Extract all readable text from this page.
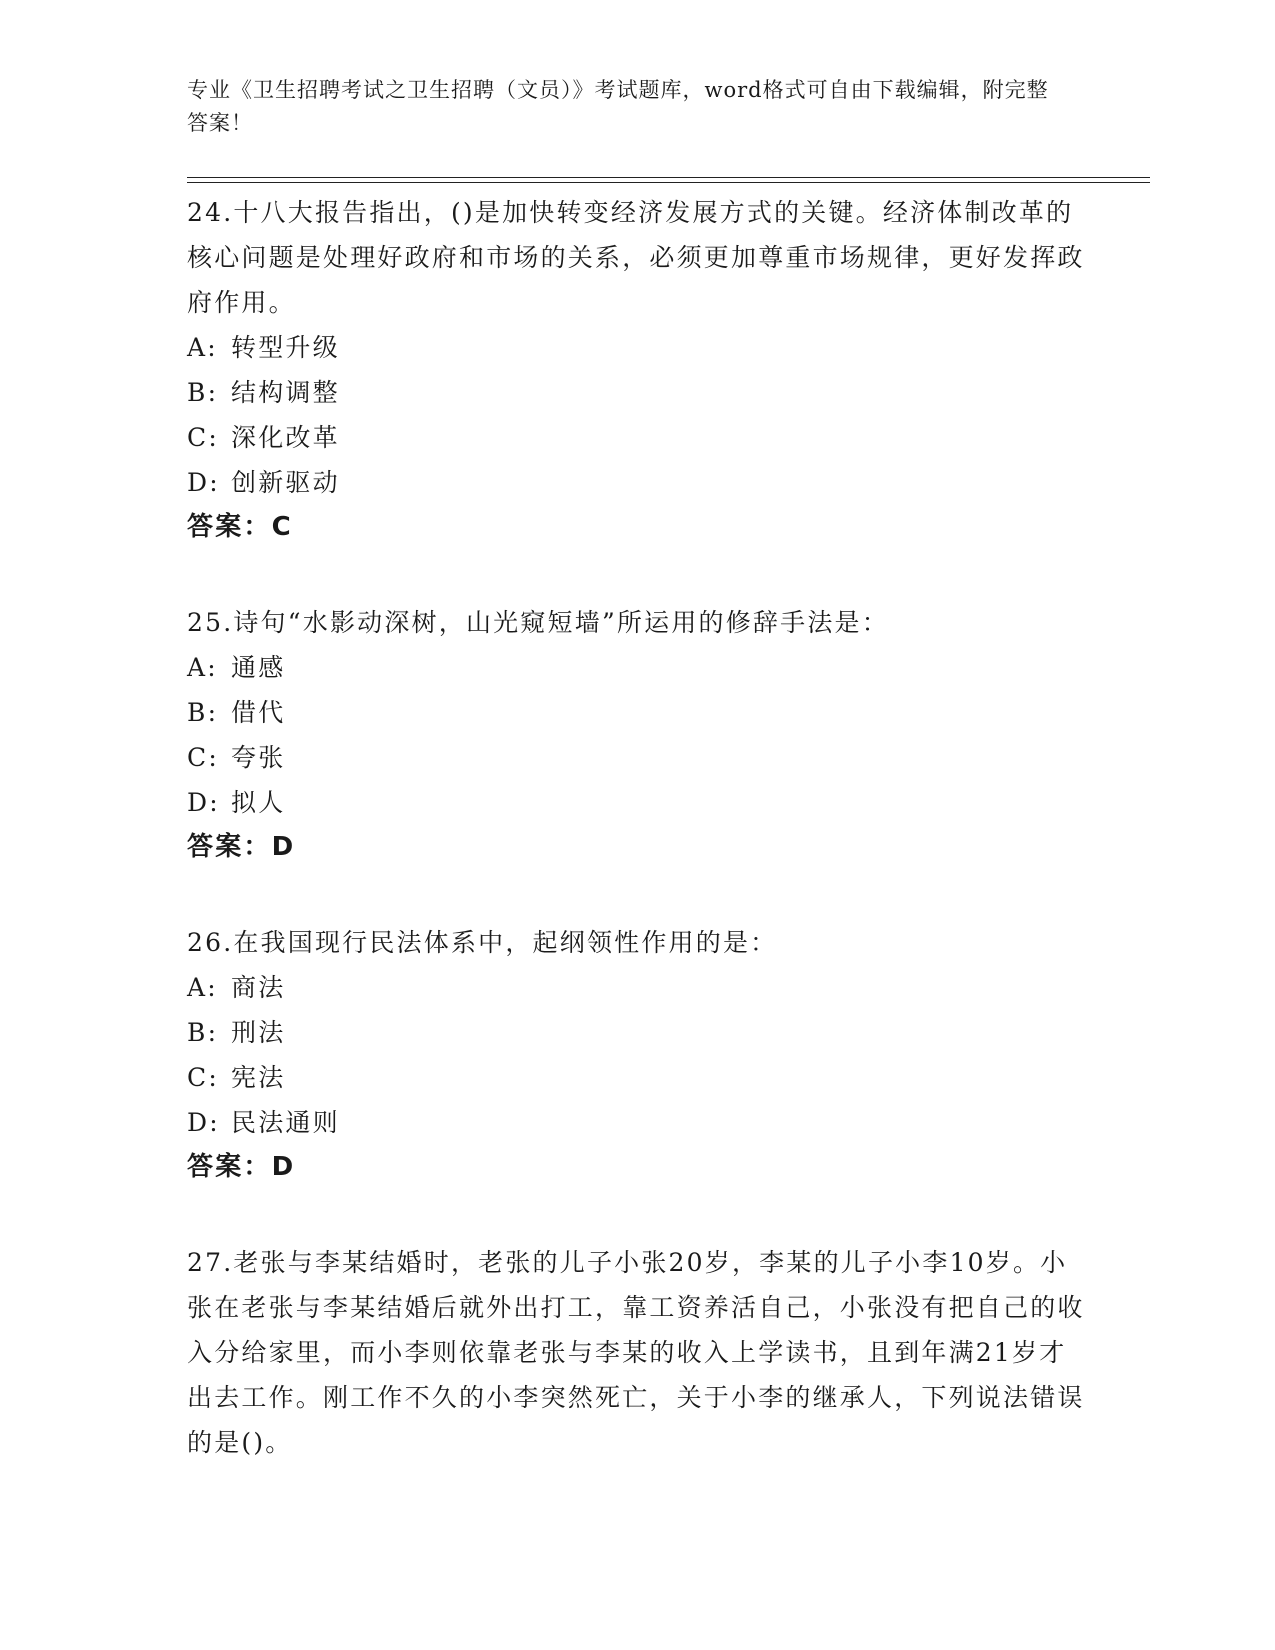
专业《卫生招聘考试之卫生招聘（文员）》考试题库，word格式可自由下载编辑，附完整答案！

24.十八大报告指出，()是加快转变经济发展方式的关键。经济体制改革的核心问题是处理好政府和市场的关系，必须更加尊重市场规律，更好发挥政府作用。

A: 转型升级

B: 结构调整

C: 深化改革

D: 创新驱动

答案：C

25.诗句“水影动深树，山光窥短墙”所运用的修辞手法是：

A: 通感

B: 借代

C: 夸张

D: 拟人

答案：D

26.在我国现行民法体系中，起纲领性作用的是：

A: 商法

B: 刑法

C: 宪法

D: 民法通则

答案：D

27.老张与李某结婚时，老张的儿子小张20岁，李某的儿子小李10岁。小张在老张与李某结婚后就外出打工，靠工资养活自己，小张没有把自己的收入分给家里，而小李则依靠老张与李某的收入上学读书，且到年满21岁才出去工作。刚工作不久的小李突然死亡，关于小李的继承人，下列说法错误的是()。
